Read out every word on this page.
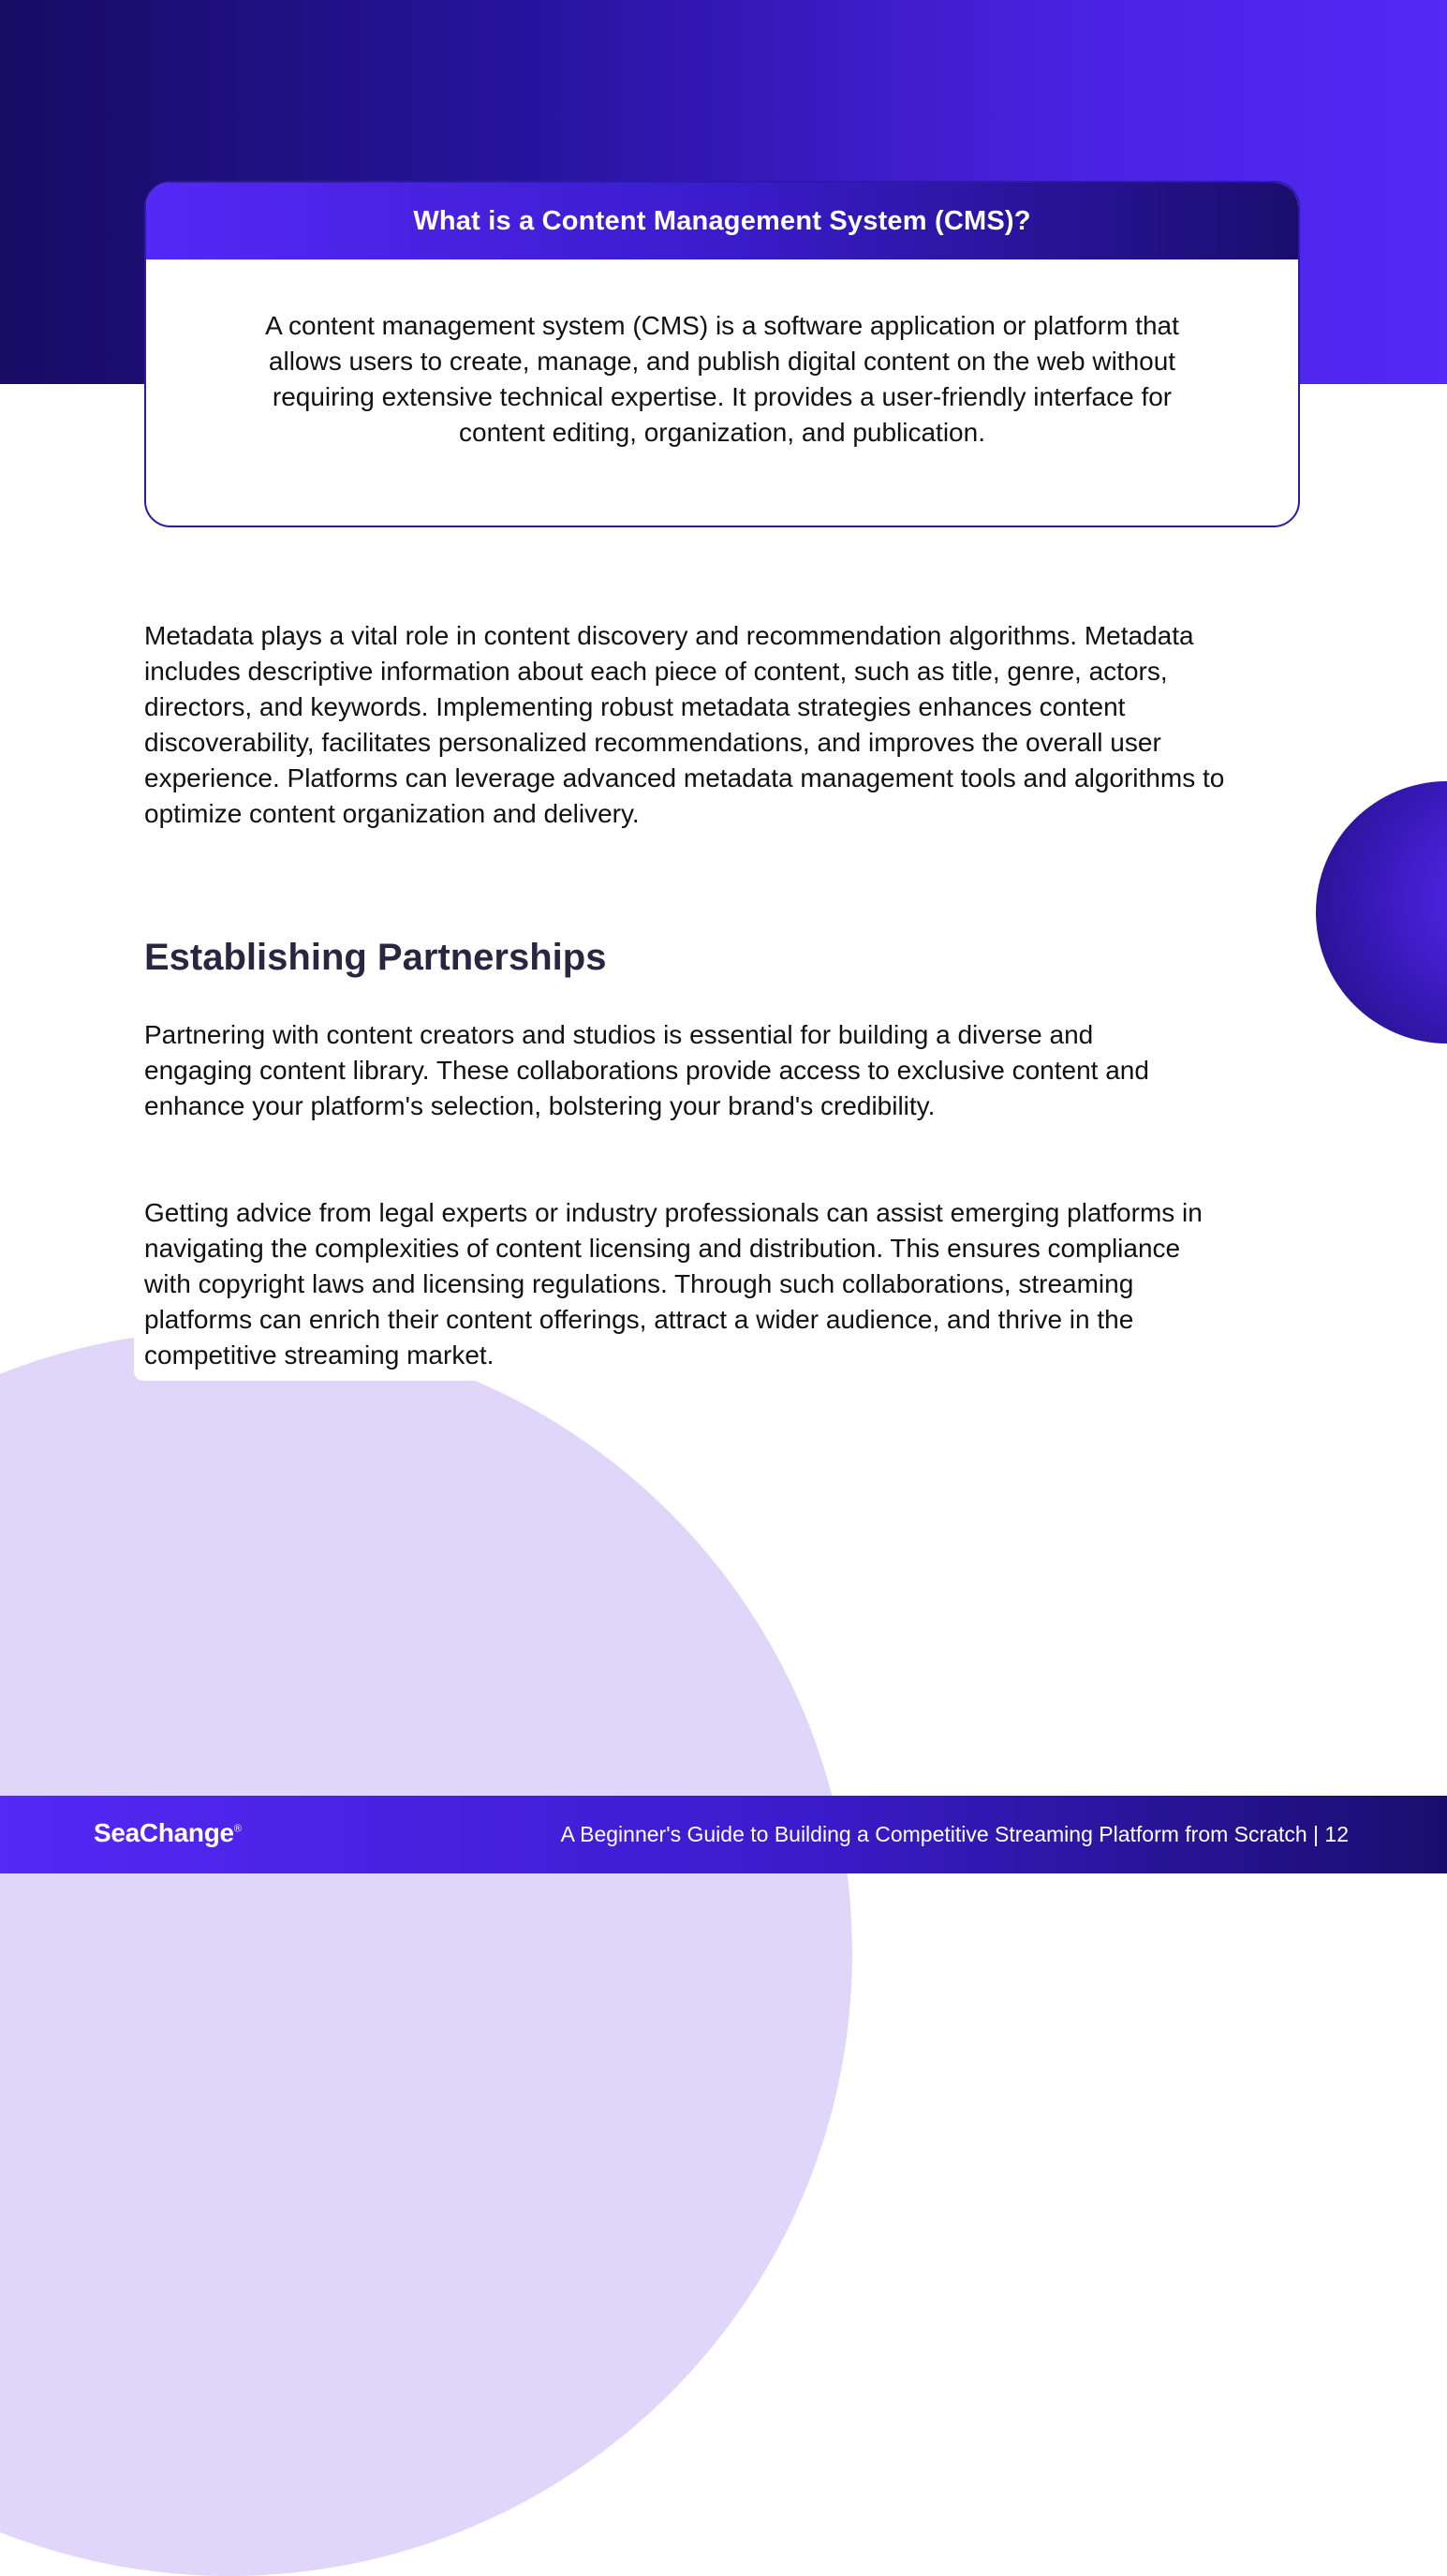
What is a Content Management System (CMS)?
A content management system (CMS) is a software application or platform that allows users to create, manage, and publish digital content on the web without requiring extensive technical expertise. It provides a user-friendly interface for content editing, organization, and publication.

Metadata plays a vital role in content discovery and recommendation algorithms. Metadata includes descriptive information about each piece of content, such as title, genre, actors, directors, and keywords. Implementing robust metadata strategies enhances content discoverability, facilitates personalized recommendations, and improves the overall user experience. Platforms can leverage advanced metadata management tools and algorithms to optimize content organization and delivery.

Establishing Partnerships

Partnering with content creators and studios is essential for building a diverse and engaging content library. These collaborations provide access to exclusive content and enhance your platform's selection, bolstering your brand's credibility.

Getting advice from legal experts or industry professionals can assist emerging platforms in navigating the complexities of content licensing and distribution. This ensures compliance with copyright laws and licensing regulations. Through such collaborations, streaming platforms can enrich their content offerings, attract a wider audience, and thrive in the competitive streaming market.

SeaChange®	A Beginner's Guide to Building a Competitive Streaming Platform from Scratch | 12
